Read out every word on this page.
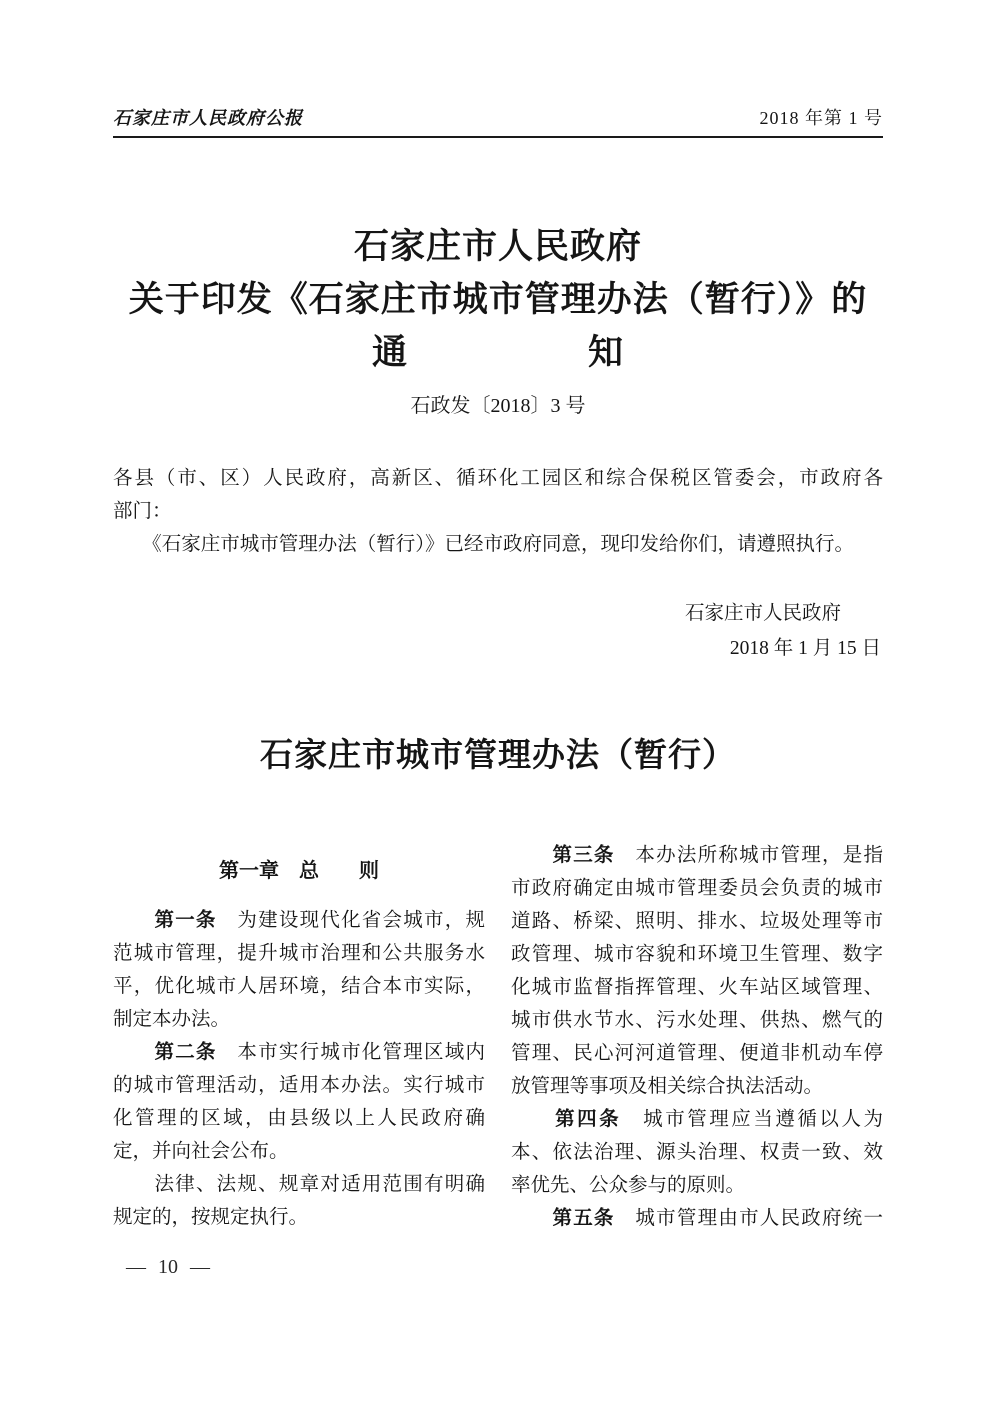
石家庄市人民政府公报	2018 年第 1 号
石家庄市人民政府
关于印发《石家庄市城市管理办法（暂行）》的
通　　　　　知
石政发〔2018〕3 号
各县（市、区）人民政府，高新区、循环化工园区和综合保税区管委会，市政府各
部门：
　　《石家庄市城市管理办法（暂行）》已经市政府同意，现印发给你们，请遵照执行。
石家庄市人民政府
2018 年 1 月 15 日
石家庄市城市管理办法（暂行）
第一章　总　　则
　　第一条　为建设现代化省会城市，规
范城市管理，提升城市治理和公共服务水
平，优化城市人居环境，结合本市实际，
制定本办法。
　　第二条　本市实行城市化管理区域内
的城市管理活动，适用本办法。实行城市
化管理的区域，由县级以上人民政府确
定，并向社会公布。
　　法律、法规、规章对适用范围有明确
规定的，按规定执行。
　　第三条　本办法所称城市管理，是指
市政府确定由城市管理委员会负责的城市
道路、桥梁、照明、排水、垃圾处理等市
政管理、城市容貌和环境卫生管理、数字
化城市监督指挥管理、火车站区域管理、
城市供水节水、污水处理、供热、燃气的
管理、民心河河道管理、便道非机动车停
放管理等事项及相关综合执法活动。
　　第四条　城市管理应当遵循以人为
本、依法治理、源头治理、权责一致、效
率优先、公众参与的原则。
　　第五条　城市管理由市人民政府统一
— 10 —
